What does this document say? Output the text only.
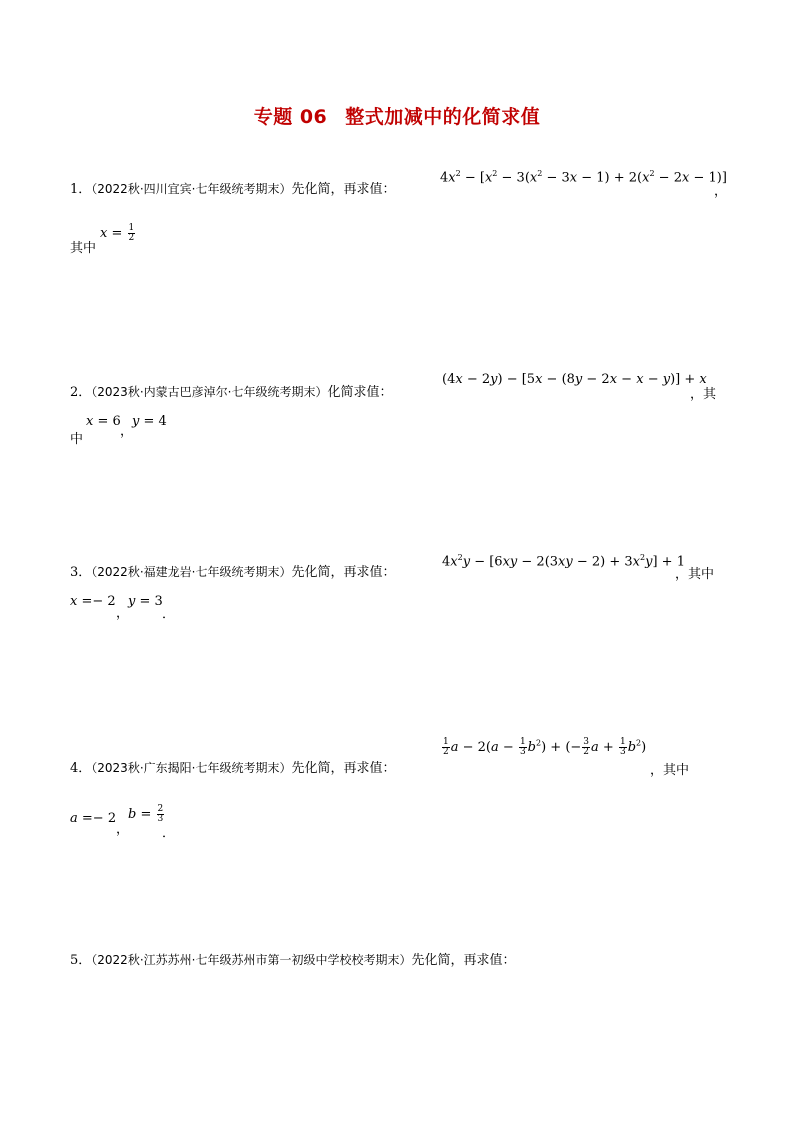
专题 06 整式加减中的化简求值
1．（2022秋·四川宜宾·七年级统考期末）先化简，再求值：
$4x^2 - [x^2 - 3(x^2 - 3x - 1) + 2(x^2 - 2x - 1)]$
，
其中
$x = \frac{1}{2}$
2．（2023秋·内蒙古巴彦淖尔·七年级统考期末）化简求值：
(4x − 2y) − [5x − (8y − 2x − x − y)] + x
，其
中
x = 6
，
y = 4
3．（2022秋·福建龙岩·七年级统考期末）先化简，再求值：
$4x^2y - [6xy - 2(3xy - 2) + 3x^2y] + 1$
，其中
x =− 2
，
y = 3
．
4．（2023秋·广东揭阳·七年级统考期末）先化简，再求值：
$\frac{1}{2}$ $a - 2(a - \frac{1}{3} b^2)$ + (− $\frac{3}{2}$ $a + \frac{1}{3} b^2$)
，其中
a =− 2
，
$b = \frac{2}{3}$
．
5．（2022秋·江苏苏州·七年级苏州市第一初级中学校校考期末）先化简，再求值：
